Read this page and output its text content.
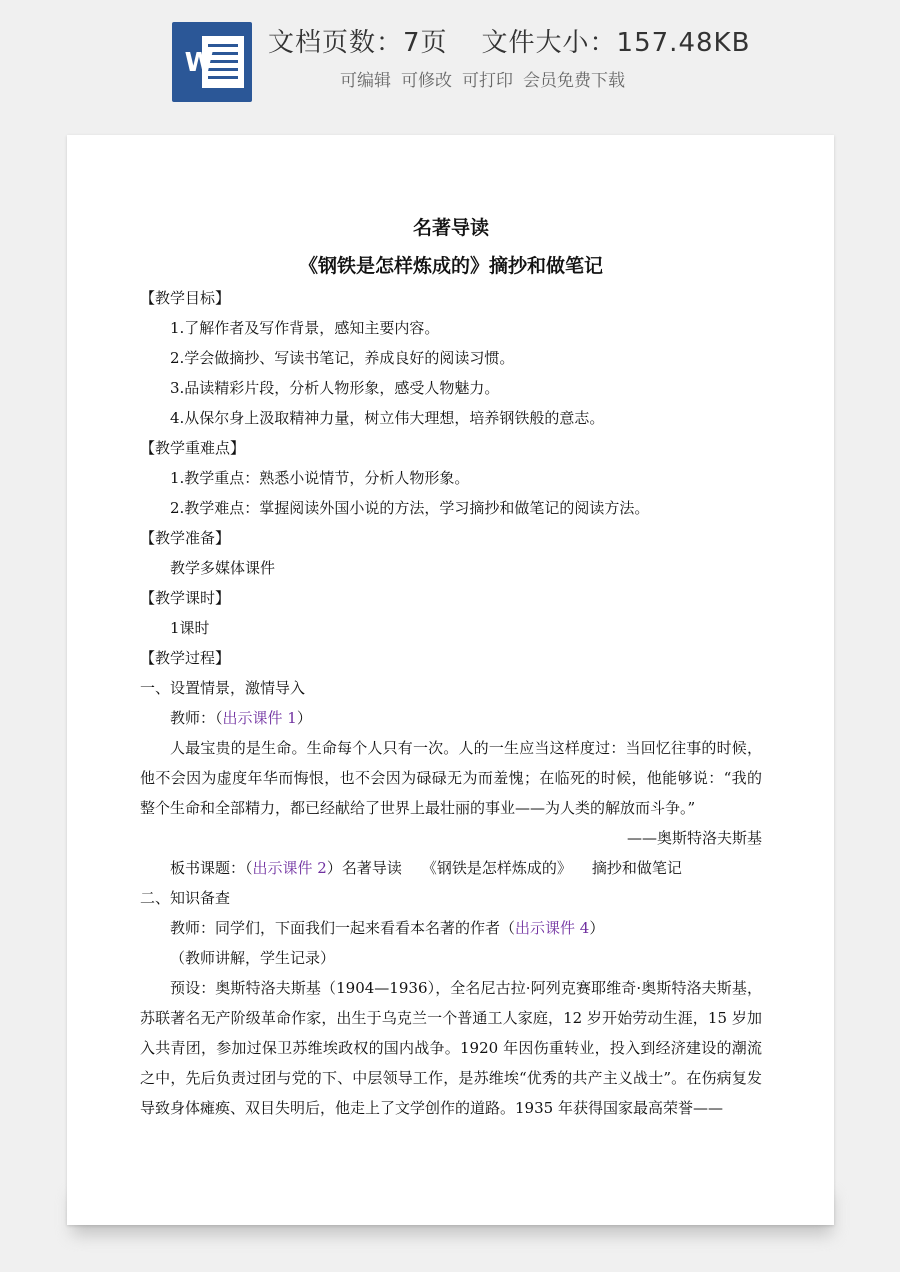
W
文档页数：7页 文件大小：157.48KB
可编辑 可修改 可打印 会员免费下载
名著导读
《钢铁是怎样炼成的》摘抄和做笔记
【教学目标】
1.了解作者及写作背景，感知主要内容。
2.学会做摘抄、写读书笔记，养成良好的阅读习惯。
3.品读精彩片段，分析人物形象，感受人物魅力。
4.从保尔身上汲取精神力量，树立伟大理想，培养钢铁般的意志。
【教学重难点】
1.教学重点：熟悉小说情节，分析人物形象。
2.教学难点：掌握阅读外国小说的方法，学习摘抄和做笔记的阅读方法。
【教学准备】
教学多媒体课件
【教学课时】
1课时
【教学过程】
一、设置情景，激情导入
教师：（出示课件 1）
人最宝贵的是生命。生命每个人只有一次。人的一生应当这样度过：当回忆往事的时候，他不会因为虚度年华而悔恨，也不会因为碌碌无为而羞愧；在临死的时候，他能够说：“我的整个生命和全部精力，都已经献给了世界上最壮丽的事业——为人类的解放而斗争。”
——奥斯特洛夫斯基
板书课题：（出示课件 2）名著导读 《钢铁是怎样炼成的》 摘抄和做笔记
二、知识备查
教师：同学们，下面我们一起来看看本名著的作者（出示课件 4）
（教师讲解，学生记录）
预设：奥斯特洛夫斯基（1904—1936），全名尼古拉·阿列克赛耶维奇·奥斯特洛夫斯基，苏联著名无产阶级革命作家，出生于乌克兰一个普通工人家庭，12 岁开始劳动生涯，15 岁加入共青团，参加过保卫苏维埃政权的国内战争。1920 年因伤重转业，投入到经济建设的潮流之中，先后负责过团与党的下、中层领导工作，是苏维埃“优秀的共产主义战士”。在伤病复发导致身体瘫痪、双目失明后，他走上了文学创作的道路。1935 年获得国家最高荣誉——
